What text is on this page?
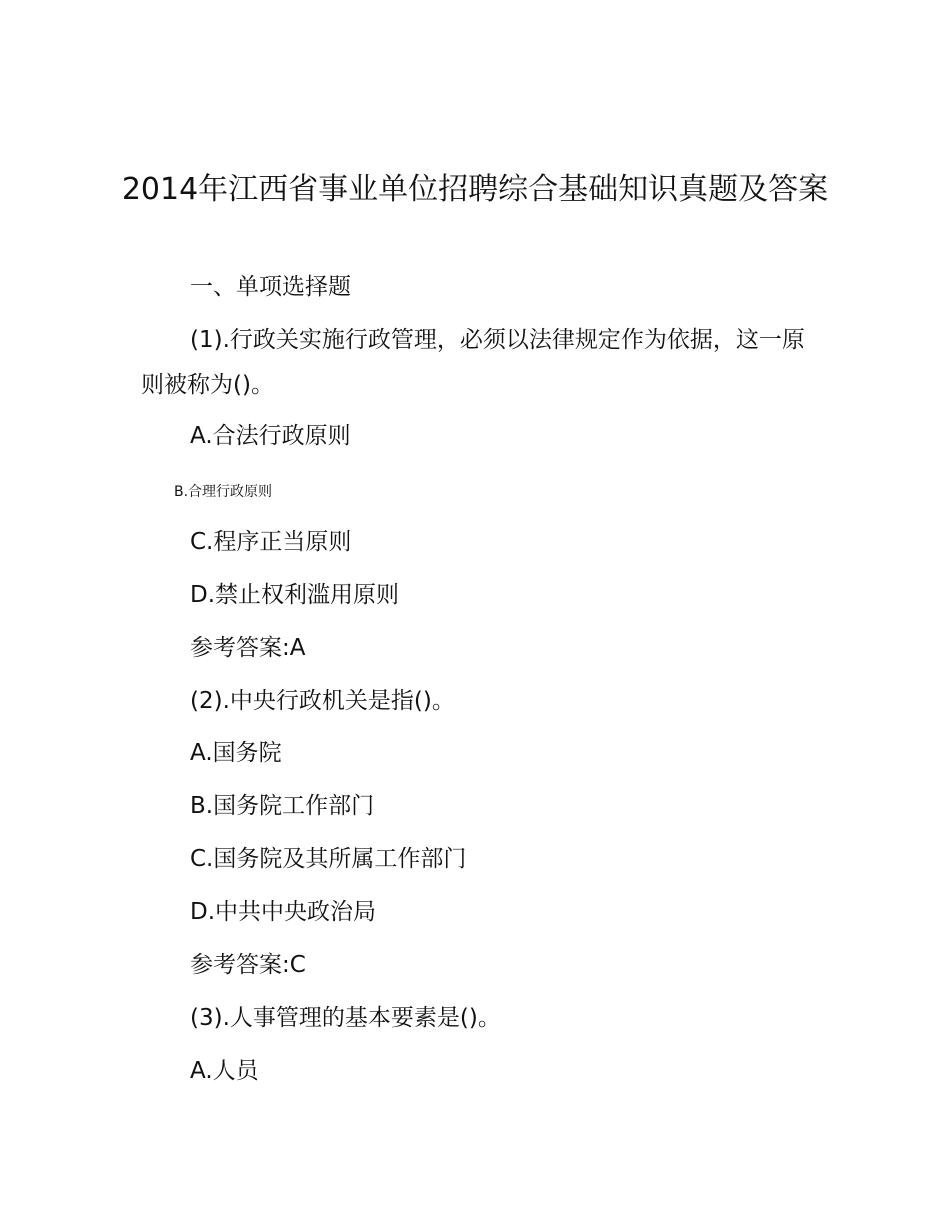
2014年江西省事业单位招聘综合基础知识真题及答案
一、单项选择题
(1).行政关实施行政管理，必须以法律规定作为依据，这一原则被称为()。
A.合法行政原则
B.合理行政原则
C.程序正当原则
D.禁止权利滥用原则
参考答案:A
(2).中央行政机关是指()。
A.国务院
B.国务院工作部门
C.国务院及其所属工作部门
D.中共中央政治局
参考答案:C
(3).人事管理的基本要素是()。
A.人员
